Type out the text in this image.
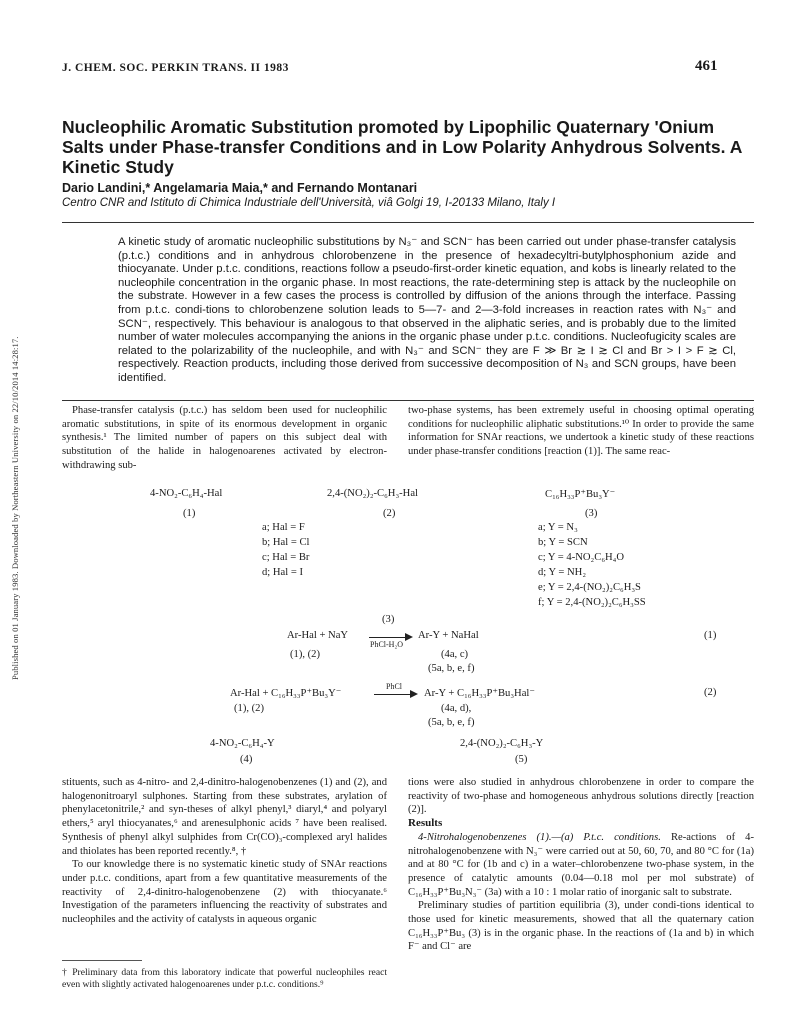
Published on 01 January 1983. Downloaded by Northeastern University on 22/10/2014 14:28:17.
J. CHEM. SOC. PERKIN TRANS. II 1983	461
Nucleophilic Aromatic Substitution promoted by Lipophilic Quaternary 'Onium Salts under Phase-transfer Conditions and in Low Polarity Anhydrous Solvents. A Kinetic Study
Dario Landini,* Angelamaria Maia,* and Fernando Montanari
Centro CNR and Istituto di Chimica Industriale dell'Università, viâ Golgi 19, I-20133 Milano, Italy I

A kinetic study of aromatic nucleophilic substitutions by N₃⁻ and SCN⁻ has been carried out under phase-transfer catalysis (p.t.c.) conditions and in anhydrous chlorobenzene in the presence of hexadecyltri-butylphosphonium azide and thiocyanate. Under p.t.c. conditions, reactions follow a pseudo-first-order kinetic equation, and kobs is linearly related to the nucleophile concentration in the organic phase. In most reactions, the rate-determining step is attack by the nucleophile on the substrate. However in a few cases the process is controlled by diffusion of the anions through the interface. Passing from p.t.c. condi-tions to chlorobenzene solution leads to 5—7- and 2—3-fold increases in reaction rates with N₃⁻ and SCN⁻, respectively. This behaviour is analogous to that observed in the aliphatic series, and is probably due to the limited number of water molecules accompanying the anions in the organic phase under p.t.c. conditions. Nucleofugicity scales are related to the polarizability of the nucleophile, and with N₃⁻ and SCN⁻ they are F ≫ Br ≳ I ≳ Cl and Br > I > F ≳ Cl, respectively. Reaction products, including those derived from successive decomposition of N₃ and SCN groups, have been identified.

Phase-transfer catalysis (p.t.c.) has seldom been used for nucleophilic aromatic substitutions, in spite of its enormous development in organic synthesis.¹ The limited number of papers on this subject deal with substitution of the halide in halogenoarenes activated by electron-withdrawing sub-

two-phase systems, has been extremely useful in choosing optimal operating conditions for nucleophilic aliphatic substitutions.¹⁰ In order to provide the same information for SNAr reactions, we undertook a kinetic study of these reactions under phase-transfer conditions [reaction (1)]. The same reac-

4-NO₂-C₆H₄-Hal
(1)
2,4-(NO₂)₂-C₆H₃-Hal
(2)
C₁₆H₃₃P⁺Bu₃Y⁻
(3)
a; Hal = F
b; Hal = Cl
c; Hal = Br
d; Hal = I
a; Y = N₃
b; Y = SCN
c; Y = 4-NO₂C₆H₄O
d; Y = NH₂
e; Y = 2,4-(NO₂)₂C₆H₃S
f; Y = 2,4-(NO₂)₂C₆H₃SS
(3)
Ar-Hal + NaY
PhCl-H₂O
Ar-Y + NaHal	(1)
(1), (2)	(4a, c)
(5a, b, e, f)
Ar-Hal + C₁₆H₃₃P⁺Bu₃Y⁻
PhCl
Ar-Y + C₁₆H₃₃P⁺Bu₃Hal⁻	(2)
(1), (2)	(4a, d),
(5a, b, e, f)
4-NO₂-C₆H₄-Y
(4)
2,4-(NO₂)₂-C₆H₃-Y
(5)

stituents, such as 4-nitro- and 2,4-dinitro-halogenobenzenes (1) and (2), and halogenonitroaryl sulphones. Starting from these substrates, arylation of phenylacetonitrile,² and syn-theses of alkyl phenyl,³ diaryl,⁴ and polyaryl ethers,⁵ aryl thiocyanates,⁶ and arenesulphonic acids ⁷ have been realised. Synthesis of phenyl alkyl sulphides from Cr(CO)₃-complexed aryl halides and thiolates has been reported recently.⁸, †

To our knowledge there is no systematic kinetic study of SNAr reactions under p.t.c. conditions, apart from a few quantitative measurements of the reactivity of 2,4-dinitro-halogenobenzene (2) with thiocyanate.⁶ Investigation of the parameters influencing the reactivity of substrates and nucleophiles and the activity of catalysts in aqueous organic

† Preliminary data from this laboratory indicate that powerful nucleophiles react even with slightly activated halogenoarenes under p.t.c. conditions.⁹

tions were also studied in anhydrous chlorobenzene in order to compare the reactivity of two-phase and homogeneous anhydrous solutions directly [reaction (2)].

Results

4-Nitrohalogenobenzenes (1).—(a) P.t.c. conditions. Re-actions of 4-nitrohalogenobenzene with N₃⁻ were carried out at 50, 60, 70, and 80 °C for (1a) and at 80 °C for (1b and c) in a water–chlorobenzene two-phase system, in the presence of catalytic amounts (0.04—0.18 mol per mol substrate) of C₁₆H₃₃P⁺Bu₃N₃⁻ (3a) with a 10 : 1 molar ratio of inorganic salt to substrate.

Preliminary studies of partition equilibria (3), under condi-tions identical to those used for kinetic measurements, showed that all the quaternary cation C₁₆H₃₃P⁺Bu₃ (3) is in the organic phase. In the reactions of (1a and b) in which F⁻ and Cl⁻ are
